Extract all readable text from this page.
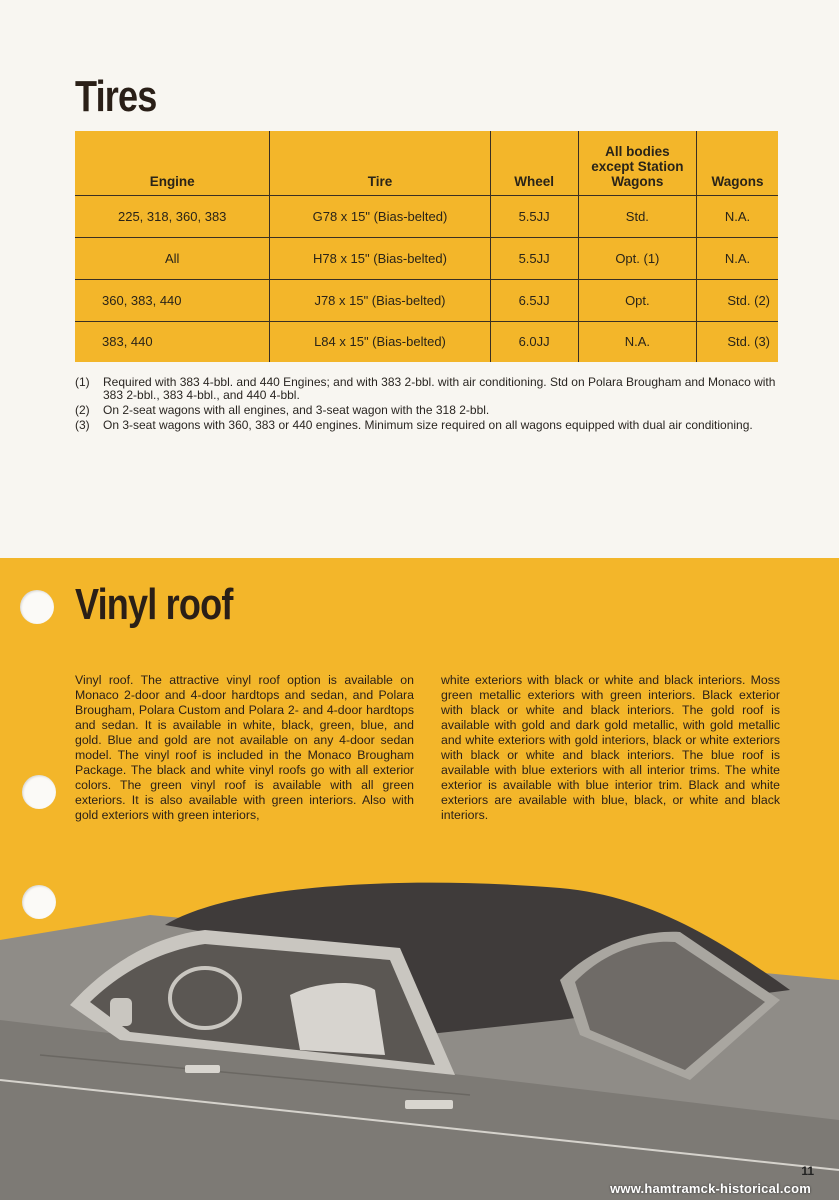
Tires
Engine	Tire	Wheel	All bodies except Station Wagons	Wagons
225, 318, 360, 383	G78 x 15" (Bias-belted)	5.5JJ	Std.	N.A.
All	H78 x 15" (Bias-belted)	5.5JJ	Opt. (1)	N.A.
360, 383, 440	J78 x 15" (Bias-belted)	6.5JJ	Opt.	Std. (2)
383, 440	L84 x 15" (Bias-belted)	6.0JJ	N.A.	Std. (3)
(1)	Required with 383 4-bbl. and 440 Engines; and with 383 2-bbl. with air conditioning. Std on Polara Brougham and Monaco with 383 2-bbl., 383 4-bbl., and 440 4-bbl.
(2)	On 2-seat wagons with all engines, and 3-seat wagon with the 318 2-bbl.
(3)	On 3-seat wagons with 360, 383 or 440 engines. Minimum size required on all wagons equipped with dual air conditioning.
Vinyl roof

Vinyl roof. The attractive vinyl roof option is available on Monaco 2-door and 4-door hardtops and sedan, and Polara Brougham, Polara Custom and Polara 2- and 4-door hardtops and sedan. It is available in white, black, green, blue, and gold. Blue and gold are not available on any 4-door sedan model. The vinyl roof is included in the Monaco Brougham Package. The black and white vinyl roofs go with all exterior colors. The green vinyl roof is available with all green exteriors. It is also available with green interiors. Also with gold exteriors with green interiors,

white exteriors with black or white and black interiors. Moss green metallic exteriors with green interiors. Black exterior with black or white and black interiors. The gold roof is available with gold and dark gold metallic, with gold metallic and white exteriors with gold interiors, black or white exteriors with black or white and black interiors. The blue roof is available with blue exteriors with all interior trims. The white exterior is available with blue interior trim. Black and white exteriors are available with blue, black, or white and black interiors.

www.hamtramck-historical.com
11
